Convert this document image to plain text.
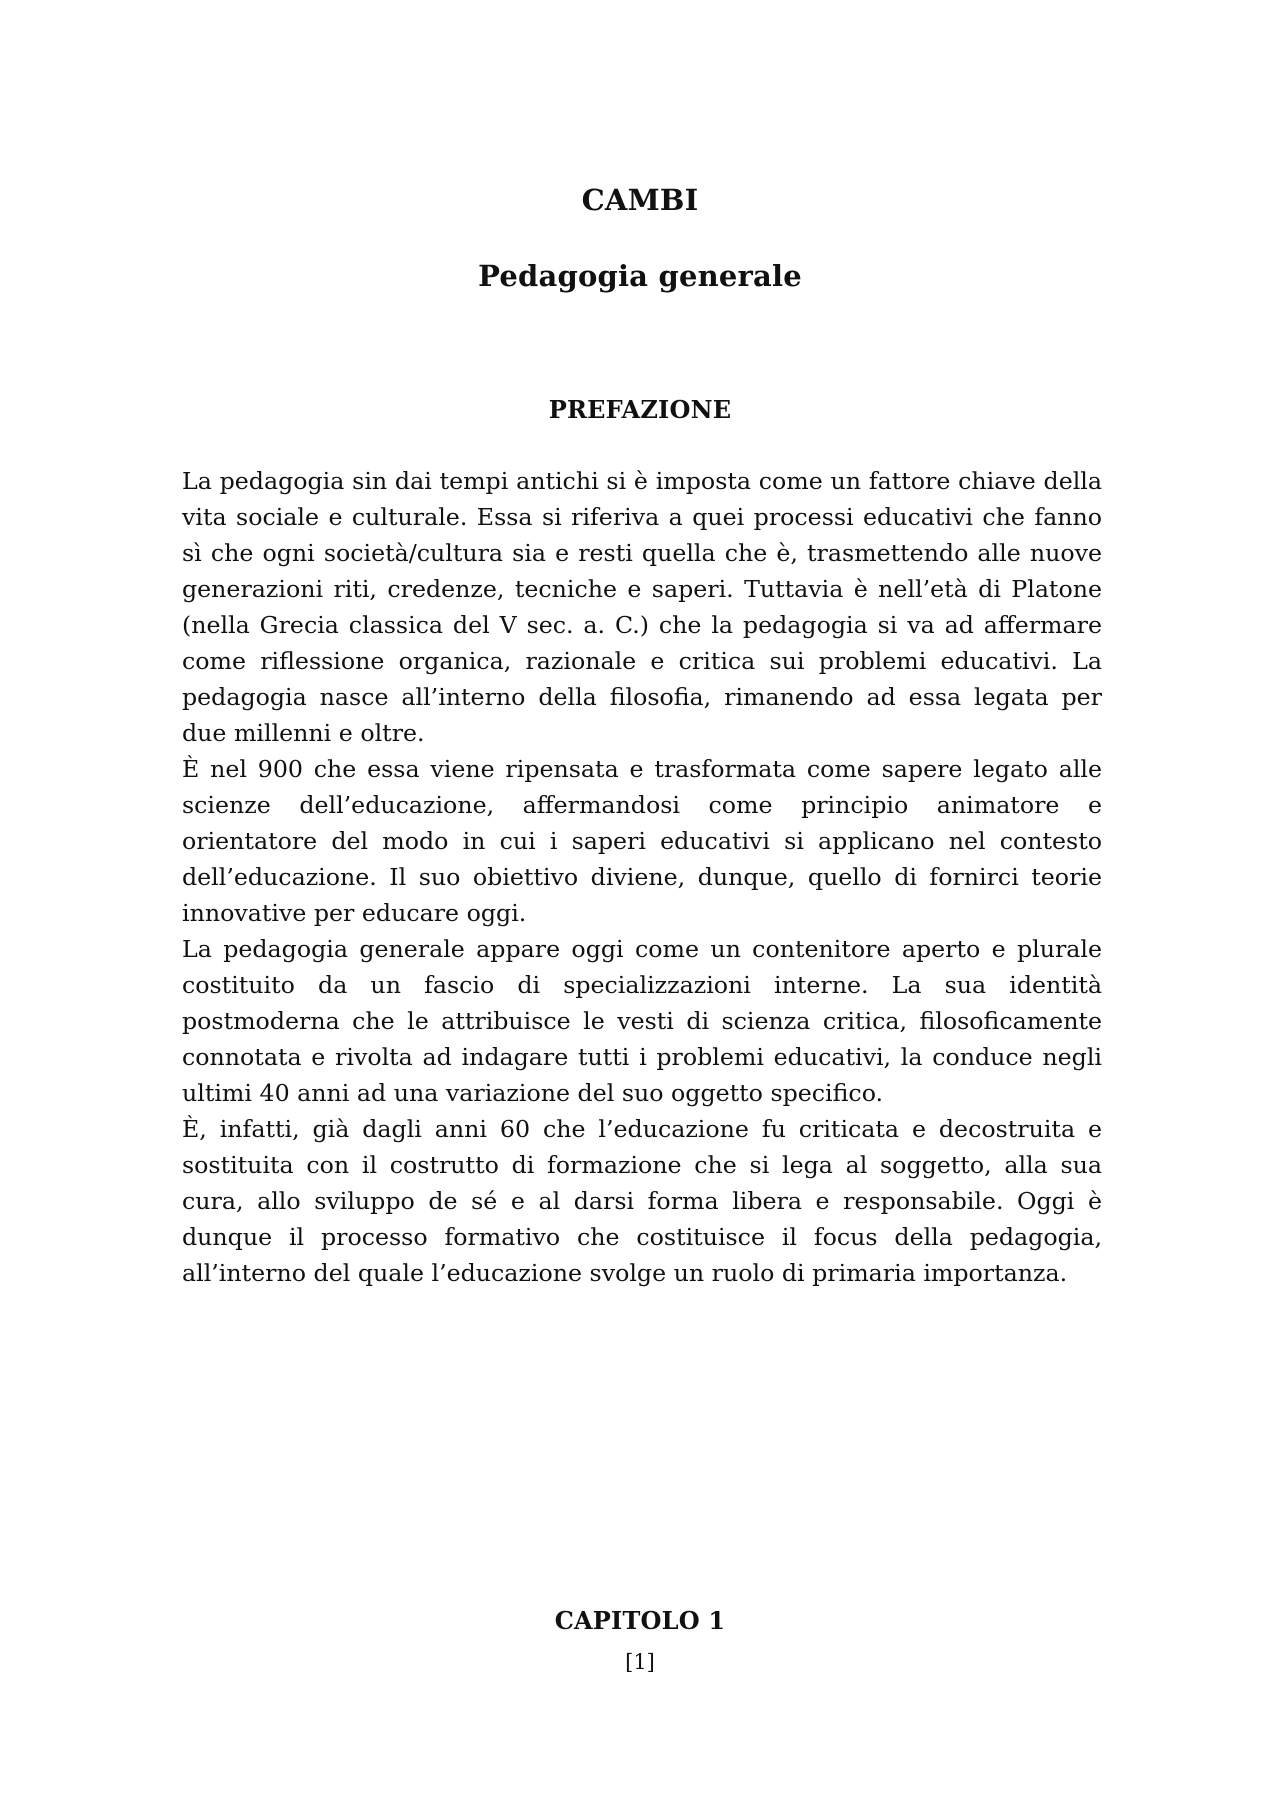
CAMBI
Pedagogia generale
PREFAZIONE

La pedagogia sin dai tempi antichi si è imposta come un fattore chiave della vita sociale e culturale. Essa si riferiva a quei processi educativi che fanno sì che ogni società/cultura sia e resti quella che è, trasmettendo alle nuove generazioni riti, credenze, tecniche e saperi. Tuttavia è nell’età di Platone (nella Grecia classica del V sec. a. C.) che la pedagogia si va ad affermare come riflessione organica, razionale e critica sui problemi educativi. La pedagogia nasce all’interno della filosofia, rimanendo ad essa legata per due millenni e oltre.

È nel 900 che essa viene ripensata e trasformata come sapere legato alle scienze dell’educazione, affermandosi come principio animatore e orientatore del modo in cui i saperi educativi si applicano nel contesto dell’educazione. Il suo obiettivo diviene, dunque, quello di fornirci teorie innovative per educare oggi.

La pedagogia generale appare oggi come un contenitore aperto e plurale costituito da un fascio di specializzazioni interne. La sua identità postmoderna che le attribuisce le vesti di scienza critica, filosoficamente connotata e rivolta ad indagare tutti i problemi educativi, la conduce negli ultimi 40 anni ad una variazione del suo oggetto specifico.

È, infatti, già dagli anni 60 che l’educazione fu criticata e decostruita e sostituita con il costrutto di formazione che si lega al soggetto, alla sua cura, allo sviluppo de sé e al darsi forma libera e responsabile. Oggi è dunque il processo formativo che costituisce il focus della pedagogia, all’interno del quale l’educazione svolge un ruolo di primaria importanza.

CAPITOLO 1
[1]
